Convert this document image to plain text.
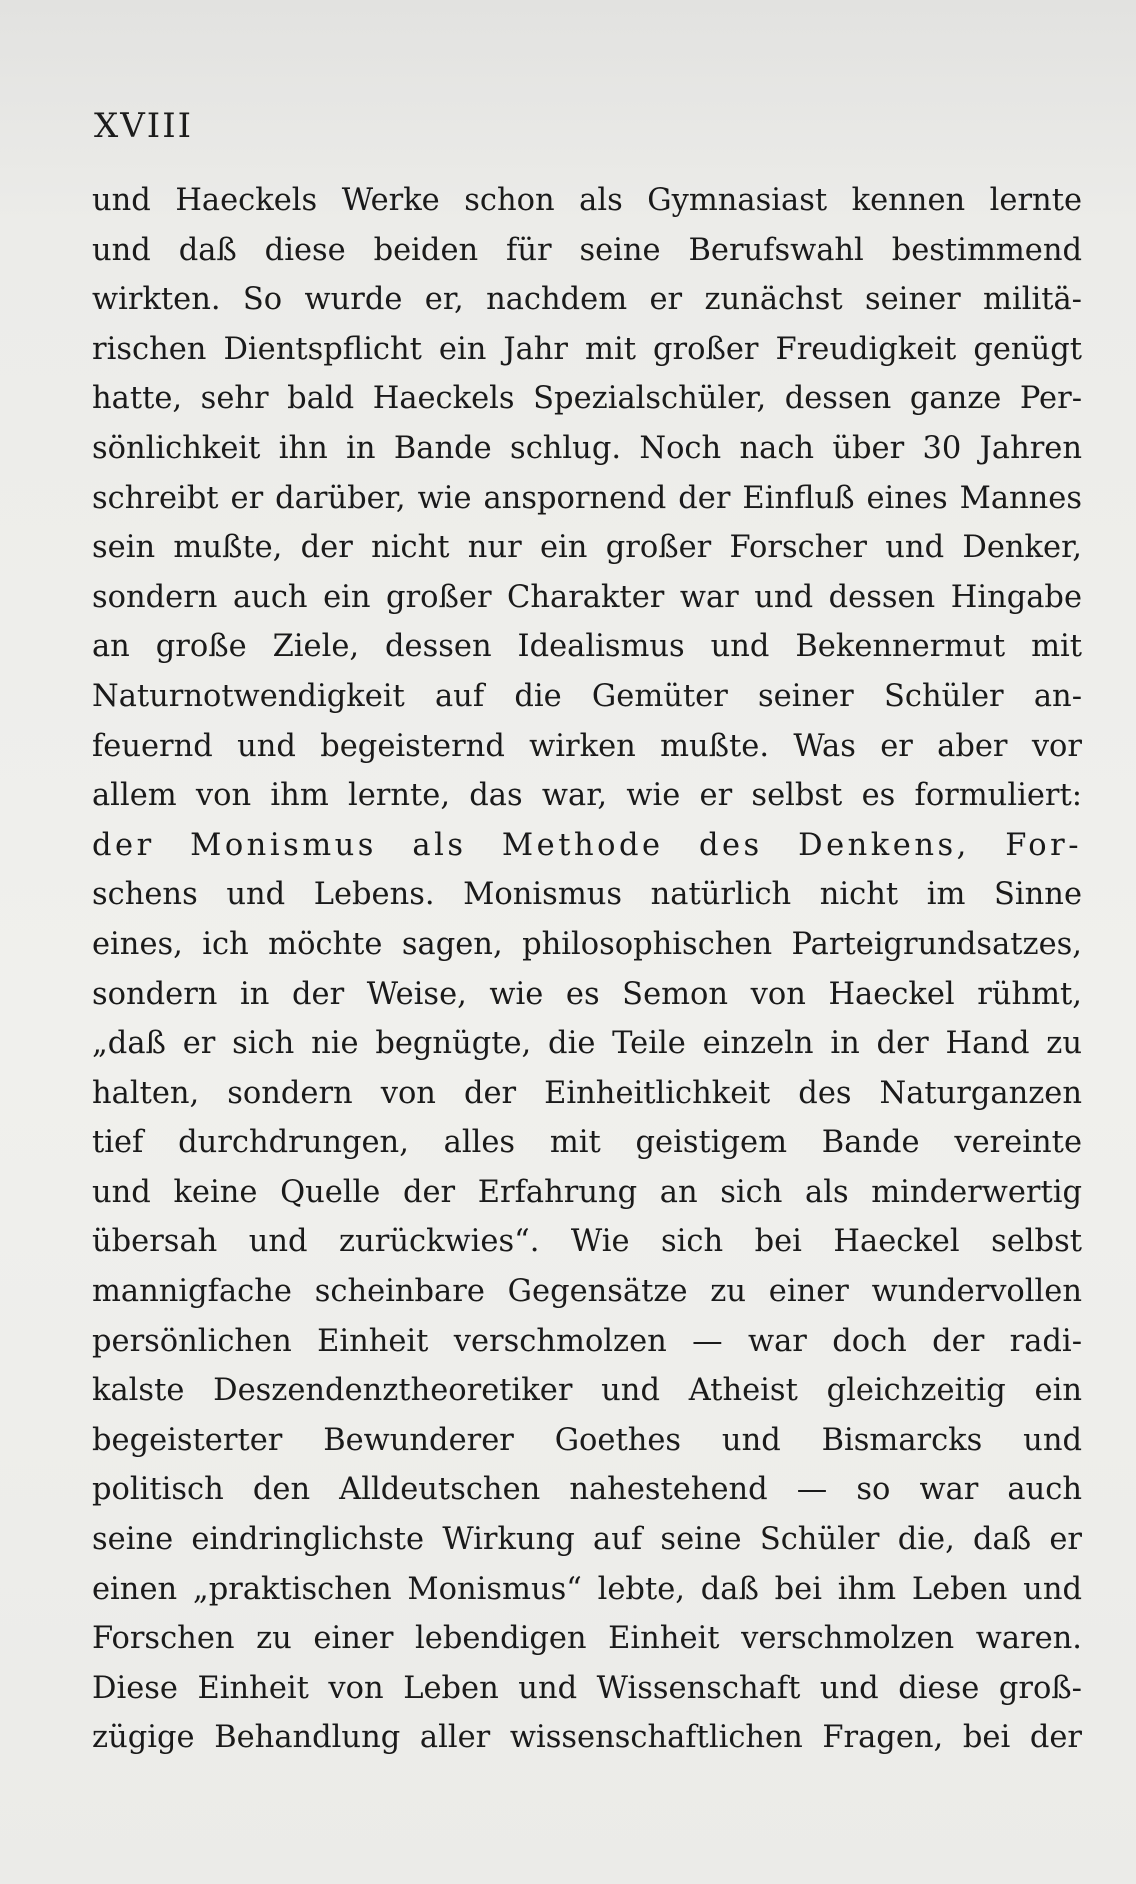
XVIII
und Haeckels Werke schon als Gymnasiast kennen lernte
und daß diese beiden für seine Berufswahl bestimmend
wirkten. So wurde er, nachdem er zunächst seiner militä-
rischen Dientspflicht ein Jahr mit großer Freudigkeit genügt
hatte, sehr bald Haeckels Spezialschüler, dessen ganze Per-
sönlichkeit ihn in Bande schlug. Noch nach über 30 Jahren
schreibt er darüber, wie anspornend der Einfluß eines Mannes
sein mußte, der nicht nur ein großer Forscher und Denker,
sondern auch ein großer Charakter war und dessen Hingabe
an große Ziele, dessen Idealismus und Bekennermut mit
Naturnotwendigkeit auf die Gemüter seiner Schüler an-
feuernd und begeisternd wirken mußte. Was er aber vor
allem von ihm lernte, das war, wie er selbst es formuliert:
der Monismus als Methode des Denkens, For-
schens und Lebens. Monismus natürlich nicht im Sinne
eines, ich möchte sagen, philosophischen Parteigrundsatzes,
sondern in der Weise, wie es Semon von Haeckel rühmt,
„daß er sich nie begnügte, die Teile einzeln in der Hand zu
halten, sondern von der Einheitlichkeit des Naturganzen
tief durchdrungen, alles mit geistigem Bande vereinte
und keine Quelle der Erfahrung an sich als minderwertig
übersah und zurückwies“. Wie sich bei Haeckel selbst
mannigfache scheinbare Gegensätze zu einer wundervollen
persönlichen Einheit verschmolzen — war doch der radi-
kalste Deszendenztheoretiker und Atheist gleichzeitig ein
begeisterter Bewunderer Goethes und Bismarcks und
politisch den Alldeutschen nahestehend — so war auch
seine eindringlichste Wirkung auf seine Schüler die, daß er
einen „praktischen Monismus“ lebte, daß bei ihm Leben und
Forschen zu einer lebendigen Einheit verschmolzen waren.
Diese Einheit von Leben und Wissenschaft und diese groß-
zügige Behandlung aller wissenschaftlichen Fragen, bei der
